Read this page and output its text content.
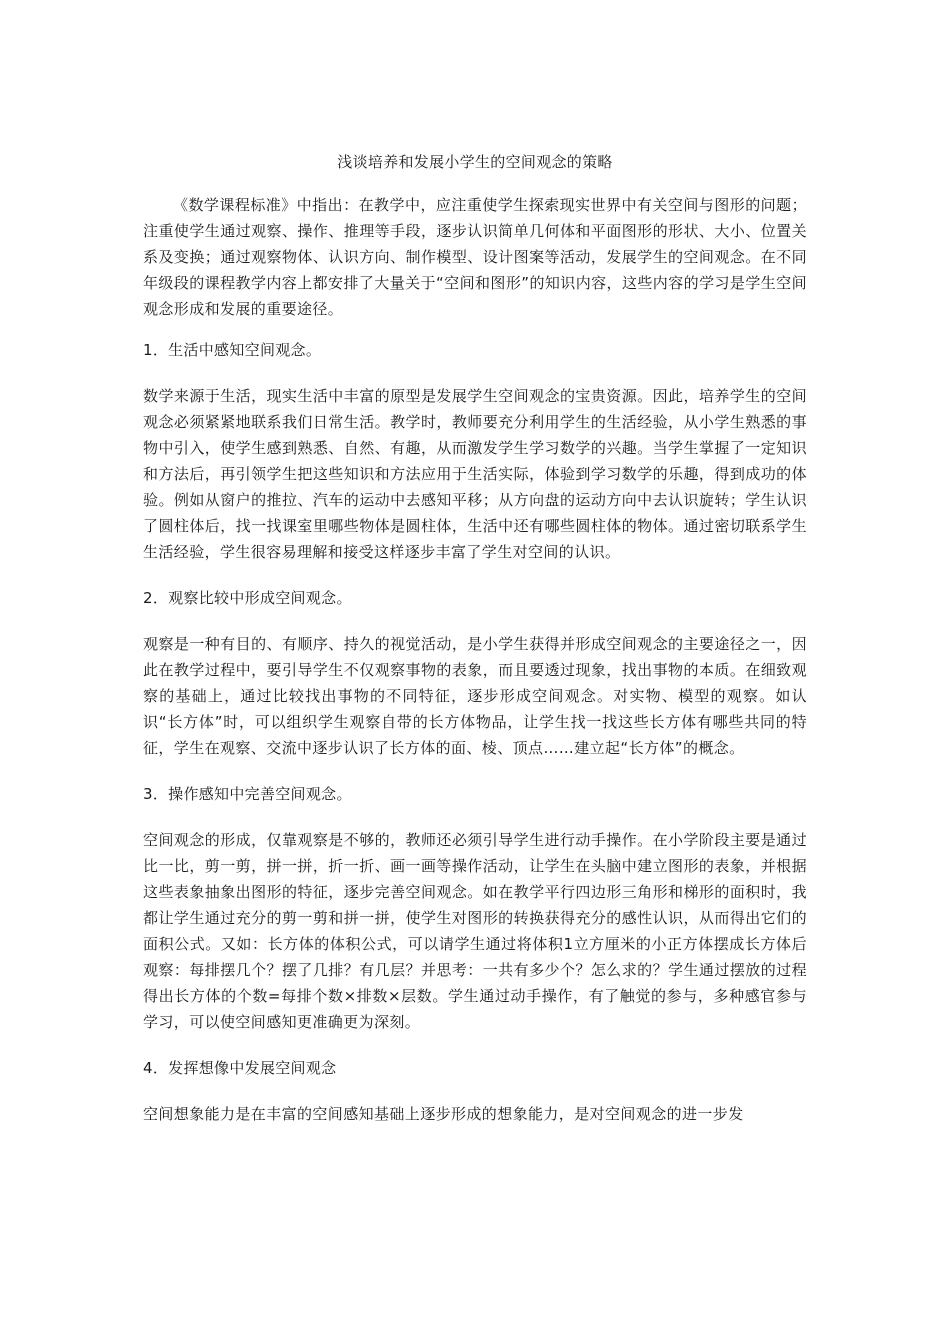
浅谈培养和发展小学生的空间观念的策略

《数学课程标准》中指出：在教学中，应注重使学生探索现实世界中有关空间与图形的问题；注重使学生通过观察、操作、推理等手段，逐步认识简单几何体和平面图形的形状、大小、位置关系及变换；通过观察物体、认识方向、制作模型、设计图案等活动，发展学生的空间观念。在不同年级段的课程教学内容上都安排了大量关于“空间和图形”的知识内容，这些内容的学习是学生空间观念形成和发展的重要途径。

1．生活中感知空间观念。

数学来源于生活，现实生活中丰富的原型是发展学生空间观念的宝贵资源。因此，培养学生的空间观念必须紧紧地联系我们日常生活。教学时，教师要充分利用学生的生活经验，从小学生熟悉的事物中引入，使学生感到熟悉、自然、有趣，从而激发学生学习数学的兴趣。当学生掌握了一定知识和方法后，再引领学生把这些知识和方法应用于生活实际，体验到学习数学的乐趣，得到成功的体验。例如从窗户的推拉、汽车的运动中去感知平移；从方向盘的运动方向中去认识旋转；学生认识了圆柱体后，找一找课室里哪些物体是圆柱体，生活中还有哪些圆柱体的物体。通过密切联系学生生活经验，学生很容易理解和接受这样逐步丰富了学生对空间的认识。

2．观察比较中形成空间观念。

观察是一种有目的、有顺序、持久的视觉活动，是小学生获得并形成空间观念的主要途径之一，因此在教学过程中，要引导学生不仅观察事物的表象，而且要透过现象，找出事物的本质。在细致观察的基础上，通过比较找出事物的不同特征，逐步形成空间观念。对实物、模型的观察。如认识“长方体”时，可以组织学生观察自带的长方体物品，让学生找一找这些长方体有哪些共同的特征，学生在观察、交流中逐步认识了长方体的面、棱、顶点……建立起“长方体”的概念。

3．操作感知中完善空间观念。

空间观念的形成，仅靠观察是不够的，教师还必须引导学生进行动手操作。在小学阶段主要是通过比一比，剪一剪，拼一拼，折一折、画一画等操作活动，让学生在头脑中建立图形的表象，并根据这些表象抽象出图形的特征，逐步完善空间观念。如在教学平行四边形三角形和梯形的面积时，我都让学生通过充分的剪一剪和拼一拼，使学生对图形的转换获得充分的感性认识，从而得出它们的面积公式。又如：长方体的体积公式，可以请学生通过将体积1立方厘米的小正方体摆成长方体后观察：每排摆几个？摆了几排？有几层？并思考：一共有多少个？怎么求的？学生通过摆放的过程得出长方体的个数=每排个数×排数×层数。学生通过动手操作，有了触觉的参与，多种感官参与学习，可以使空间感知更准确更为深刻。

4．发挥想像中发展空间观念

空间想象能力是在丰富的空间感知基础上逐步形成的想象能力，是对空间观念的进一步发
